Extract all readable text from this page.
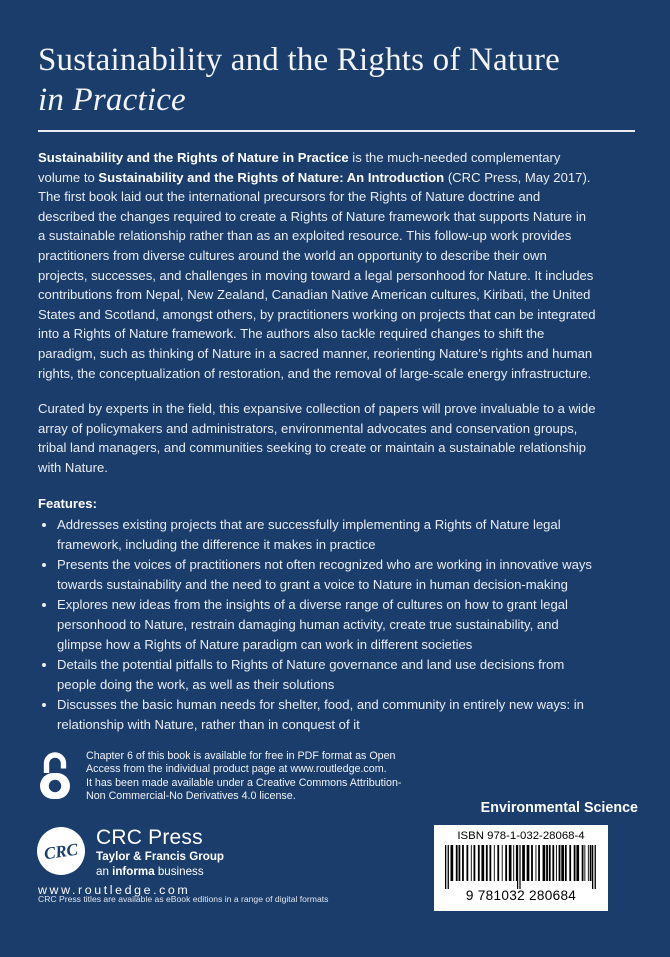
Sustainability and the Rights of Nature
in Practice

Sustainability and the Rights of Nature in Practice is the much-needed complementary volume to Sustainability and the Rights of Nature: An Introduction (CRC Press, May 2017). The first book laid out the international precursors for the Rights of Nature doctrine and described the changes required to create a Rights of Nature framework that supports Nature in a sustainable relationship rather than as an exploited resource. This follow-up work provides practitioners from diverse cultures around the world an opportunity to describe their own projects, successes, and challenges in moving toward a legal personhood for Nature. It includes contributions from Nepal, New Zealand, Canadian Native American cultures, Kiribati, the United States and Scotland, amongst others, by practitioners working on projects that can be integrated into a Rights of Nature framework. The authors also tackle required changes to shift the paradigm, such as thinking of Nature in a sacred manner, reorienting Nature's rights and human rights, the conceptualization of restoration, and the removal of large-scale energy infrastructure.

Curated by experts in the field, this expansive collection of papers will prove invaluable to a wide array of policymakers and administrators, environmental advocates and conservation groups, tribal land managers, and communities seeking to create or maintain a sustainable relationship with Nature.

Features:
Addresses existing projects that are successfully implementing a Rights of Nature legal framework, including the difference it makes in practice
Presents the voices of practitioners not often recognized who are working in innovative ways towards sustainability and the need to grant a voice to Nature in human decision-making
Explores new ideas from the insights of a diverse range of cultures on how to grant legal personhood to Nature, restrain damaging human activity, create true sustainability, and glimpse how a Rights of Nature paradigm can work in different societies
Details the potential pitfalls to Rights of Nature governance and land use decisions from people doing the work, as well as their solutions
Discusses the basic human needs for shelter, food, and community in entirely new ways: in relationship with Nature, rather than in conquest of it
Chapter 6 of this book is available for free in PDF format as Open
Access from the individual product page at www.routledge.com.
It has been made available under a Creative Commons Attribution-
Non Commercial-No Derivatives 4.0 license.
CRC
CRC Press
Taylor & Francis Group
an informa business
www.routledge.com
CRC Press titles are available as eBook editions in a range of digital formats
Environmental Science
ISBN 978-1-032-28068-4
9 781032 280684
